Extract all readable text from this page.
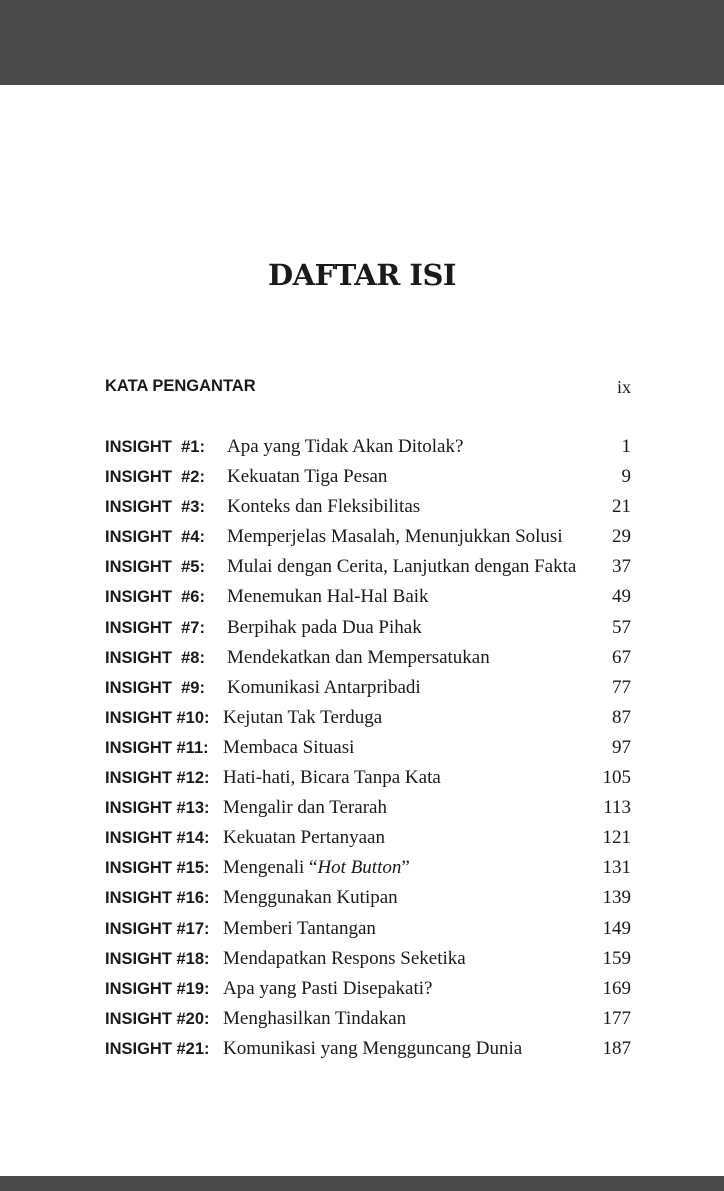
DAFTAR ISI
KATA PENGANTAR	ix
INSIGHT  #1: Apa yang Tidak Akan Ditolak?	1
INSIGHT  #2: Kekuatan Tiga Pesan	9
INSIGHT  #3: Konteks dan Fleksibilitas	21
INSIGHT  #4: Memperjelas Masalah, Menunjukkan Solusi	29
INSIGHT  #5: Mulai dengan Cerita, Lanjutkan dengan Fakta 37
INSIGHT  #6: Menemukan Hal-Hal Baik	49
INSIGHT  #7: Berpihak pada Dua Pihak	57
INSIGHT  #8: Mendekatkan dan Mempersatukan	67
INSIGHT  #9: Komunikasi Antarpribadi	77
INSIGHT #10: Kejutan Tak Terduga	87
INSIGHT #11: Membaca Situasi	97
INSIGHT #12: Hati-hati, Bicara Tanpa Kata	105
INSIGHT #13: Mengalir dan Terarah	113
INSIGHT #14: Kekuatan Pertanyaan	121
INSIGHT #15: Mengenali “Hot Button”	131
INSIGHT #16: Menggunakan Kutipan	139
INSIGHT #17: Memberi Tantangan	149
INSIGHT #18: Mendapatkan Respons Seketika	159
INSIGHT #19: Apa yang Pasti Disepakati?	169
INSIGHT #20: Menghasilkan Tindakan	177
INSIGHT #21: Komunikasi yang Mengguncang Dunia	187
